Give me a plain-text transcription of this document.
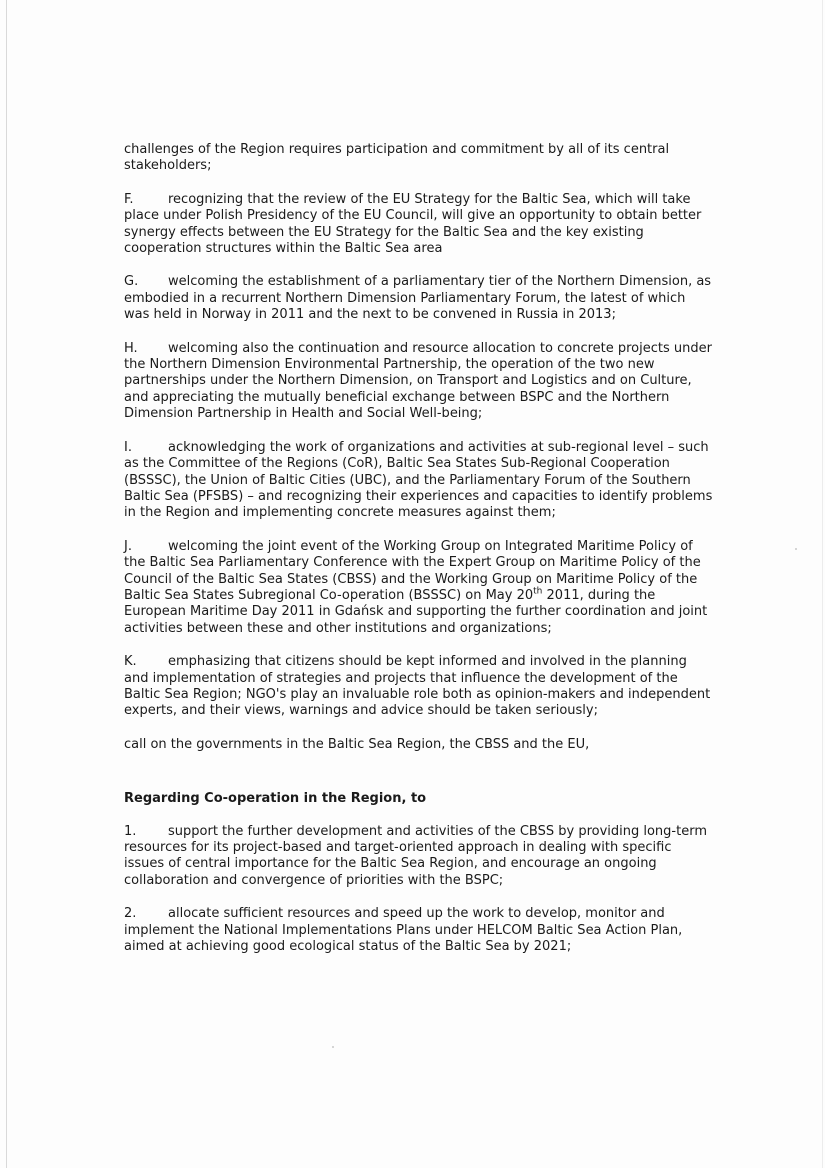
challenges of the Region requires participation and commitment by all of its central stakeholders;

F.	recognizing that the review of the EU Strategy for the Baltic Sea, which will take place under Polish Presidency of the EU Council, will give an opportunity to obtain better synergy effects between the EU Strategy for the Baltic Sea and the key existing cooperation structures within the Baltic Sea area

G. welcoming the establishment of a parliamentary tier of the Northern Dimension, as embodied in a recurrent Northern Dimension Parliamentary Forum, the latest of which was held in Norway in 2011 and the next to be convened in Russia in 2013;

H. welcoming also the continuation and resource allocation to concrete projects under the Northern Dimension Environmental Partnership, the operation of the two new partnerships under the Northern Dimension, on Transport and Logistics and on Culture, and appreciating the mutually beneficial exchange between BSPC and the Northern Dimension Partnership in Health and Social Well-being;

I.	acknowledging the work of organizations and activities at sub-regional level – such as the Committee of the Regions (CoR), Baltic Sea States Sub-Regional Cooperation (BSSSC), the Union of Baltic Cities (UBC), and the Parliamentary Forum of the Southern Baltic Sea (PFSBS) – and recognizing their experiences and capacities to identify problems in the Region and implementing concrete measures against them;

J.	welcoming the joint event of the Working Group on Integrated Maritime Policy of the Baltic Sea Parliamentary Conference with the Expert Group on Maritime Policy of the Council of the Baltic Sea States (CBSS) and the Working Group on Maritime Policy of the Baltic Sea States Subregional Co-operation (BSSSC) on May 20th 2011, during the European Maritime Day 2011 in Gdańsk and supporting the further coordination and joint activities between these and other institutions and organizations;

K. emphasizing that citizens should be kept informed and involved in the planning and implementation of strategies and projects that influence the development of the Baltic Sea Region; NGO's play an invaluable role both as opinion-makers and independent experts, and their views, warnings and advice should be taken seriously;

call on the governments in the Baltic Sea Region, the CBSS and the EU,

Regarding Co-operation in the Region, to

1. support the further development and activities of the CBSS by providing long-term resources for its project-based and target-oriented approach in dealing with specific issues of central importance for the Baltic Sea Region, and encourage an ongoing collaboration and convergence of priorities with the BSPC;

2. allocate sufficient resources and speed up the work to develop, monitor and implement the National Implementations Plans under HELCOM Baltic Sea Action Plan, aimed at achieving good ecological status of the Baltic Sea by 2021;
